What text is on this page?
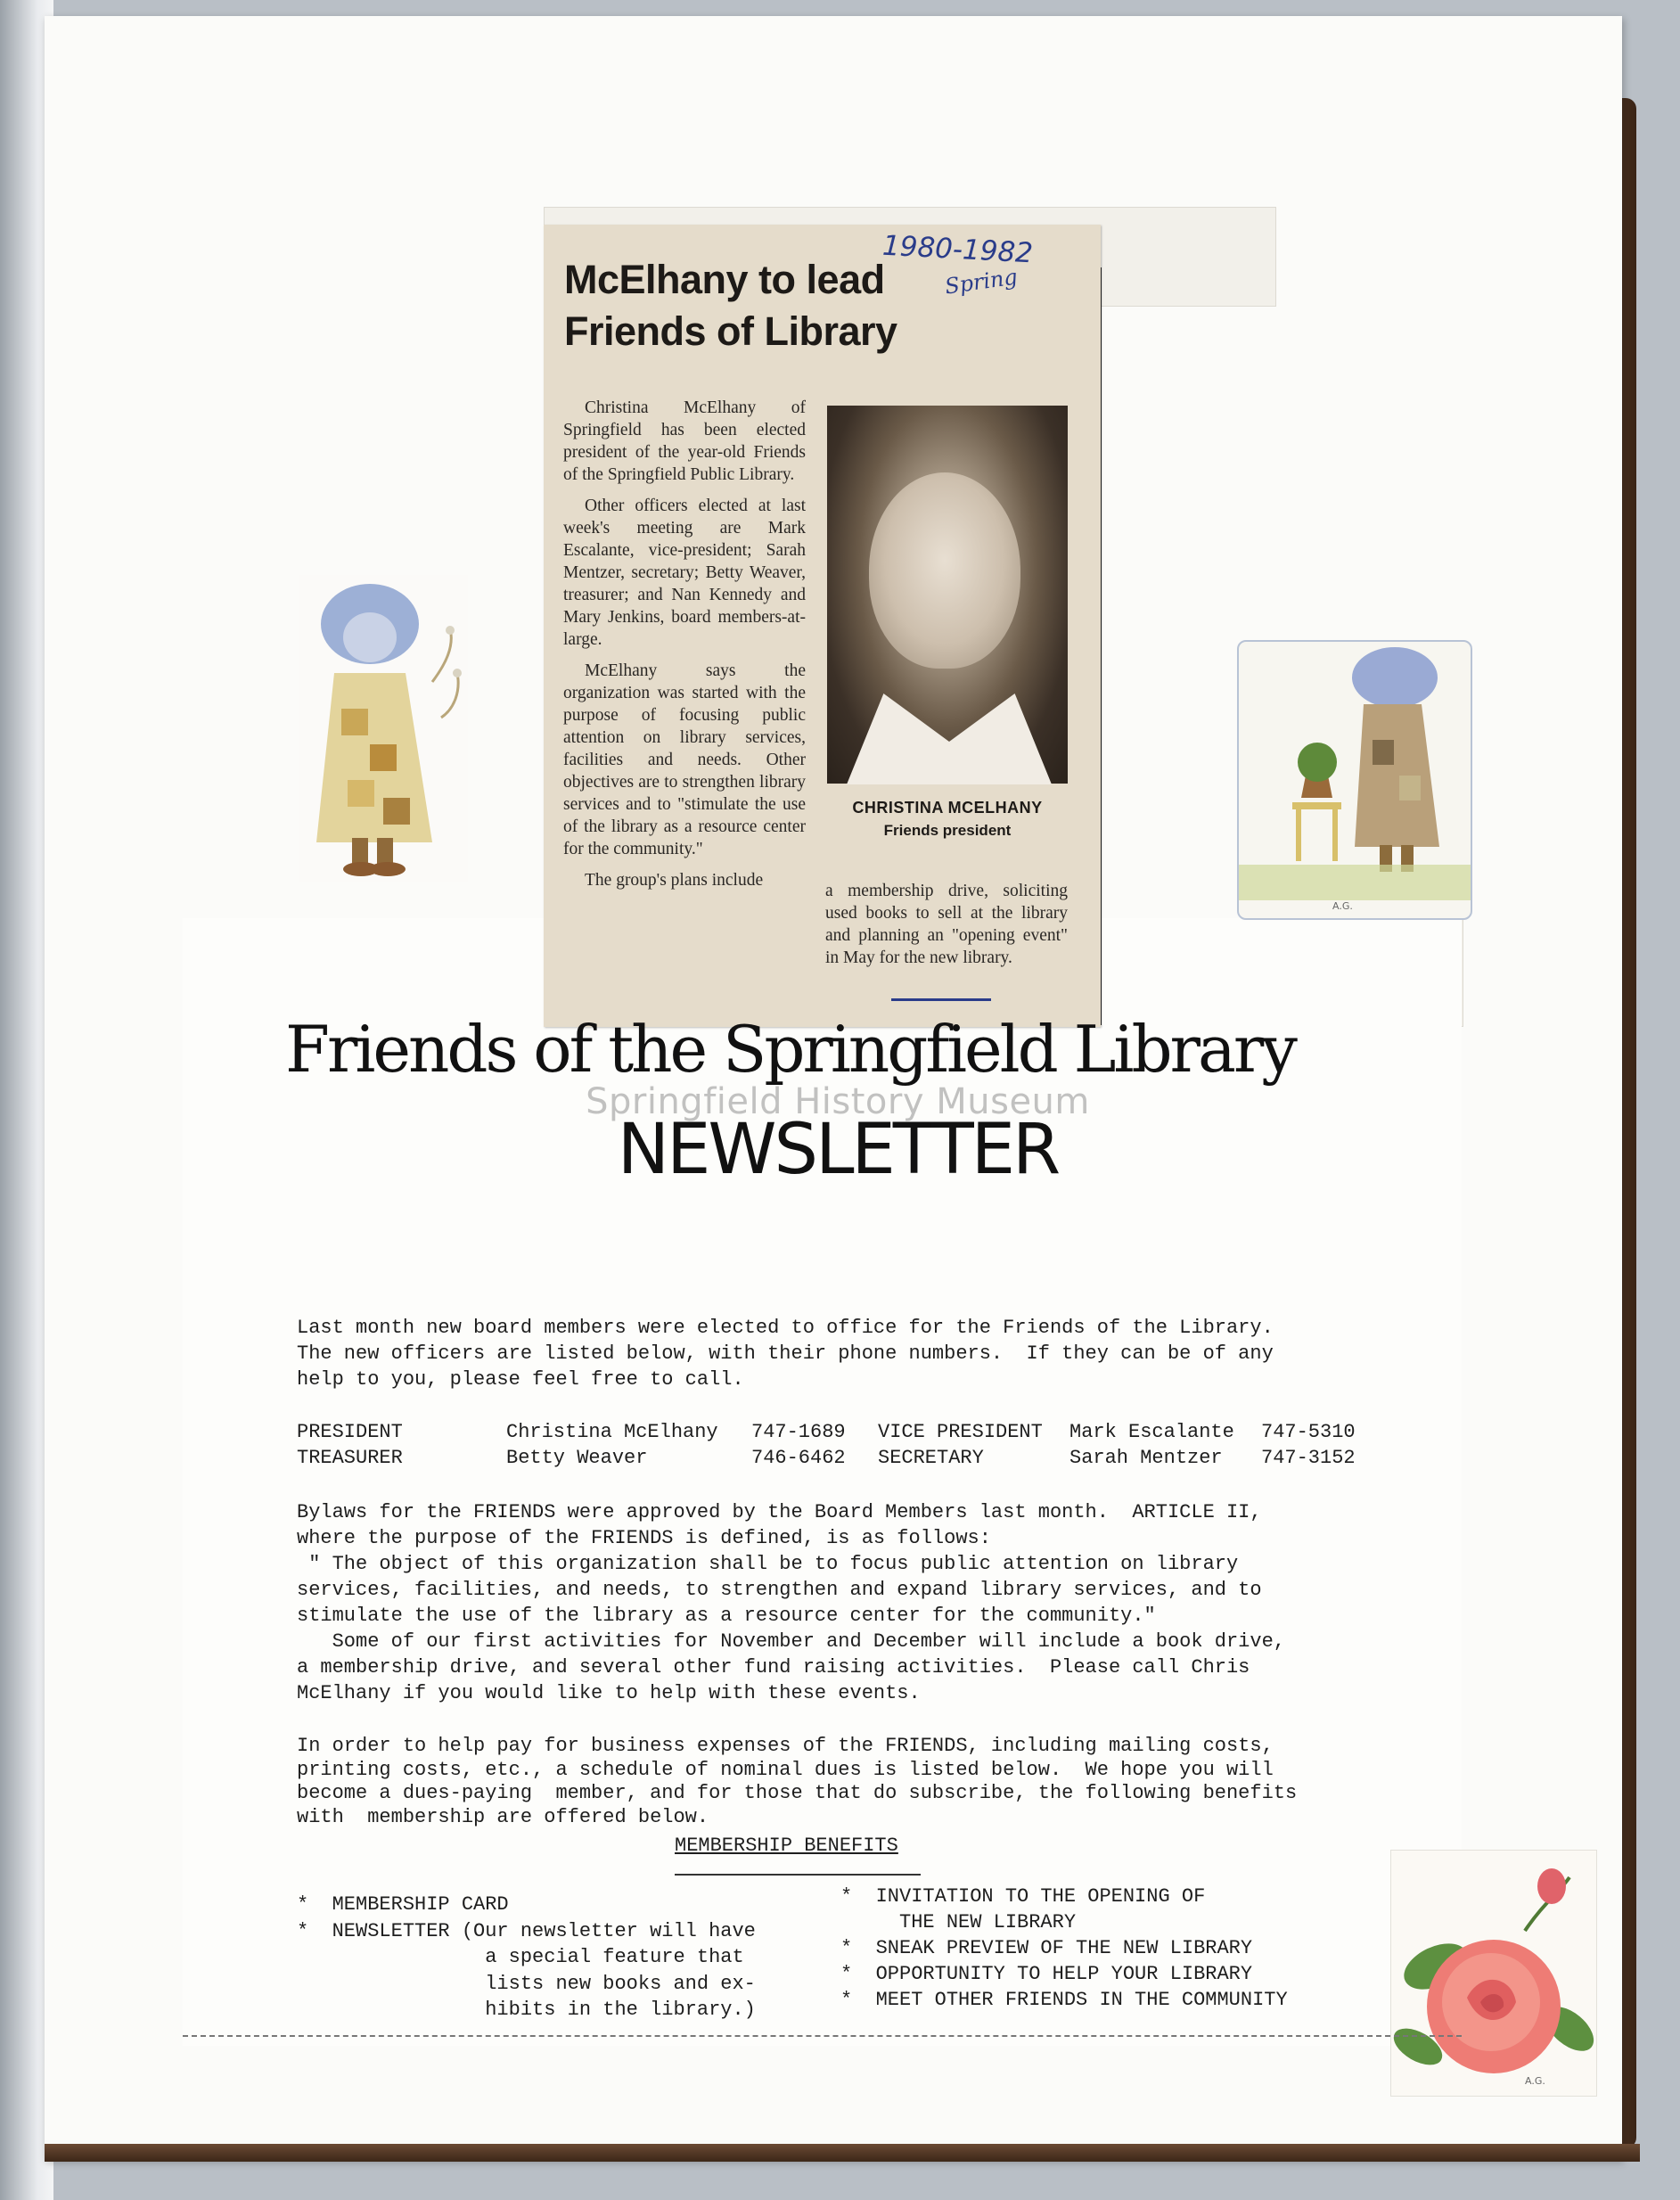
1980-1982
Spring
McElhany to lead
Friends of Library

Christina McElhany of Springfield has been elected president of the year-old Friends of the Springfield Public Library.

Other officers elected at last week's meeting are Mark Escalante, vice-president; Sarah Mentzer, secretary; Betty Weaver, treasurer; and Nan Kennedy and Mary Jenkins, board members-at-large.

McElhany says the organization was started with the purpose of focusing public attention on library services, facilities and needs. Other objectives are to strengthen library services and to "stimulate the use of the library as a resource center for the community."

The group's plans include

CHRISTINA MCELHANY
Friends president

a membership drive, soliciting used books to sell at the library and planning an "opening event" in May for the new library.

A.G.
A.G.
Friends of the Springfield Library
Springfield History Museum
NEWSLETTER
Last month new board members were elected to office for the Friends of the Library.
The new officers are listed below, with their phone numbers.  If they can be of any
help to you, please feel free to call.
PRESIDENT	Christina McElhany	747-1689	VICE PRESIDENT	Mark Escalante	747-5310
TREASURER	Betty Weaver	746-6462	SECRETARY	Sarah Mentzer	747-3152
Bylaws for the FRIENDS were approved by the Board Members last month.  ARTICLE II,
where the purpose of the FRIENDS is defined, is as follows:
" The object of this organization shall be to focus public attention on library
services, facilities, and needs, to strengthen and expand library services, and to
stimulate the use of the library as a resource center for the community."
Some of our first activities for November and December will include a book drive,
a membership drive, and several other fund raising activities.  Please call Chris
McElhany if you would like to help with these events.
In order to help pay for business expenses of the FRIENDS, including mailing costs,
printing costs, etc., a schedule of nominal dues is listed below.  We hope you will
become a dues-paying  member, and for those that do subscribe, the following benefits
with  membership are offered below.
MEMBERSHIP BENEFITS
*  MEMBERSHIP CARD
*  NEWSLETTER (Our newsletter will have
a special feature that
lists new books and ex-
hibits in the library.)
*  INVITATION TO THE OPENING OF
THE NEW LIBRARY
*  SNEAK PREVIEW OF THE NEW LIBRARY
*  OPPORTUNITY TO HELP YOUR LIBRARY
*  MEET OTHER FRIENDS IN THE COMMUNITY
